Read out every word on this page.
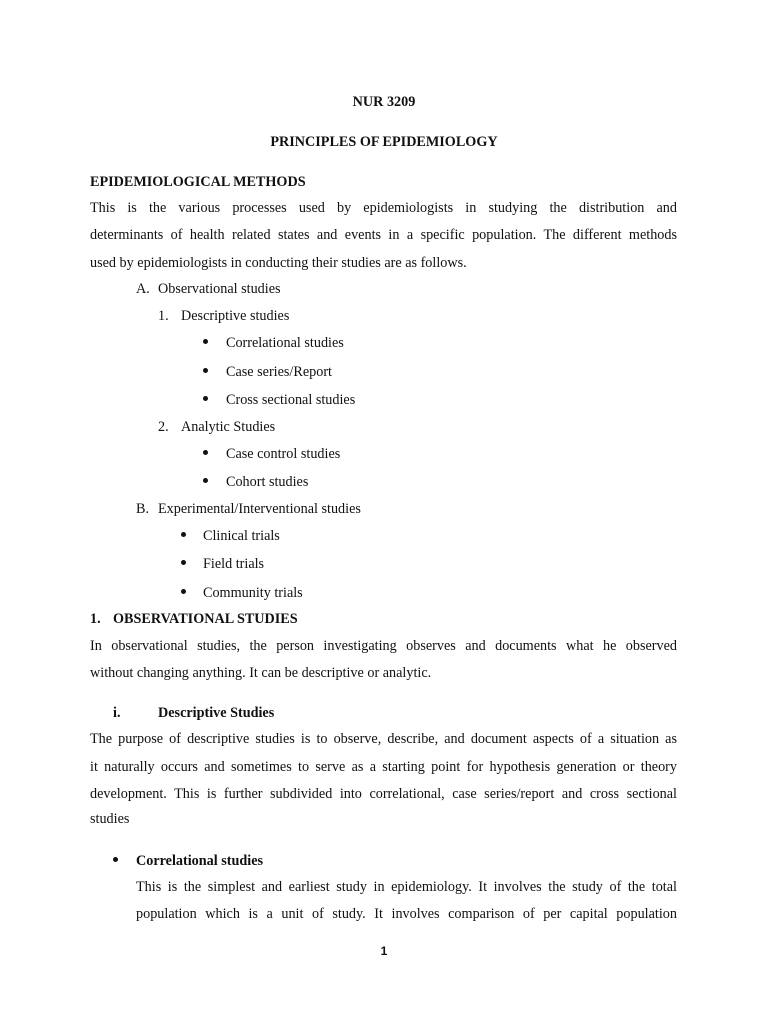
NUR 3209
PRINCIPLES OF EPIDEMIOLOGY
EPIDEMIOLOGICAL METHODS
This is the various processes used by epidemiologists in studying the distribution and
determinants of health related states and events in a specific population. The different methods
used by epidemiologists in conducting their studies are as follows.
A. Observational studies
1. Descriptive studies
Correlational studies
Case series/Report
Cross sectional studies
2. Analytic Studies
Case control studies
Cohort studies
B. Experimental/Interventional studies
Clinical trials
Field trials
Community trials
1. OBSERVATIONAL STUDIES
In observational studies, the person investigating observes and documents what he observed
without changing anything. It can be descriptive or analytic.
i.	Descriptive Studies
The purpose of descriptive studies is to observe, describe, and document aspects of a situation as
it naturally occurs and sometimes to serve as a starting point for hypothesis generation or theory
development. This is further subdivided into correlational, case series/report and cross sectional
studies
Correlational studies
This is the simplest and earliest study in epidemiology. It involves the study of the total
population which is a unit of study. It involves comparison of per capital population
1
